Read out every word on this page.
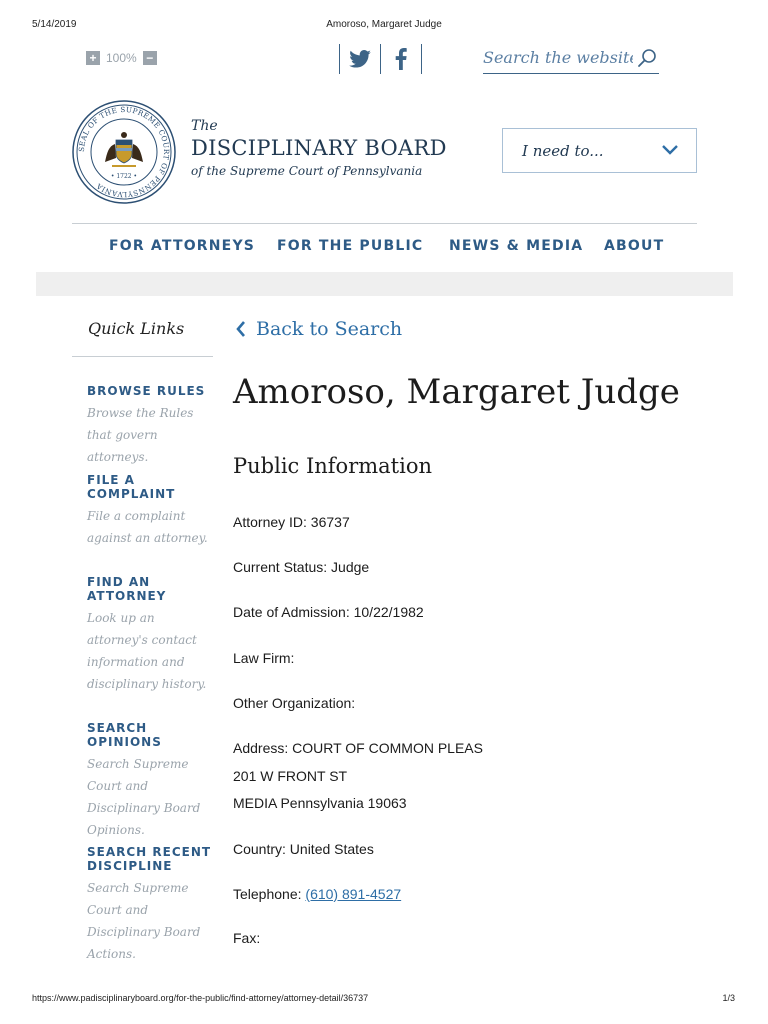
5/14/2019	Amoroso, Margaret Judge
+ 100% −
Search the website
SEAL OF THE SUPREME COURT OF PENNSYLVANIA
• 1722 •
The
DISCIPLINARY BOARD
of the Supreme Court of Pennsylvania
I need to...
FOR ATTORNEYS FOR THE PUBLIC NEWS & MEDIA ABOUT
Quick Links
BROWSE RULES
Browse the Rules that govern attorneys.
FILE A COMPLAINT
File a complaint against an attorney.
FIND AN ATTORNEY
Look up an attorney's contact information and disciplinary history.
SEARCH OPINIONS
Search Supreme Court and Disciplinary Board Opinions.
SEARCH RECENT DISCIPLINE
Search Supreme Court and Disciplinary Board Actions.
Back to Search
Amoroso, Margaret Judge
Public Information
Attorney ID: 36737
Current Status: Judge
Date of Admission: 10/22/1982
Law Firm:
Other Organization:
Address: COURT OF COMMON PLEAS
201 W FRONT ST
MEDIA Pennsylvania 19063
Country: United States
Telephone: (610) 891-4527
Fax:
https://www.padisciplinaryboard.org/for-the-public/find-attorney/attorney-detail/36737	1/3
